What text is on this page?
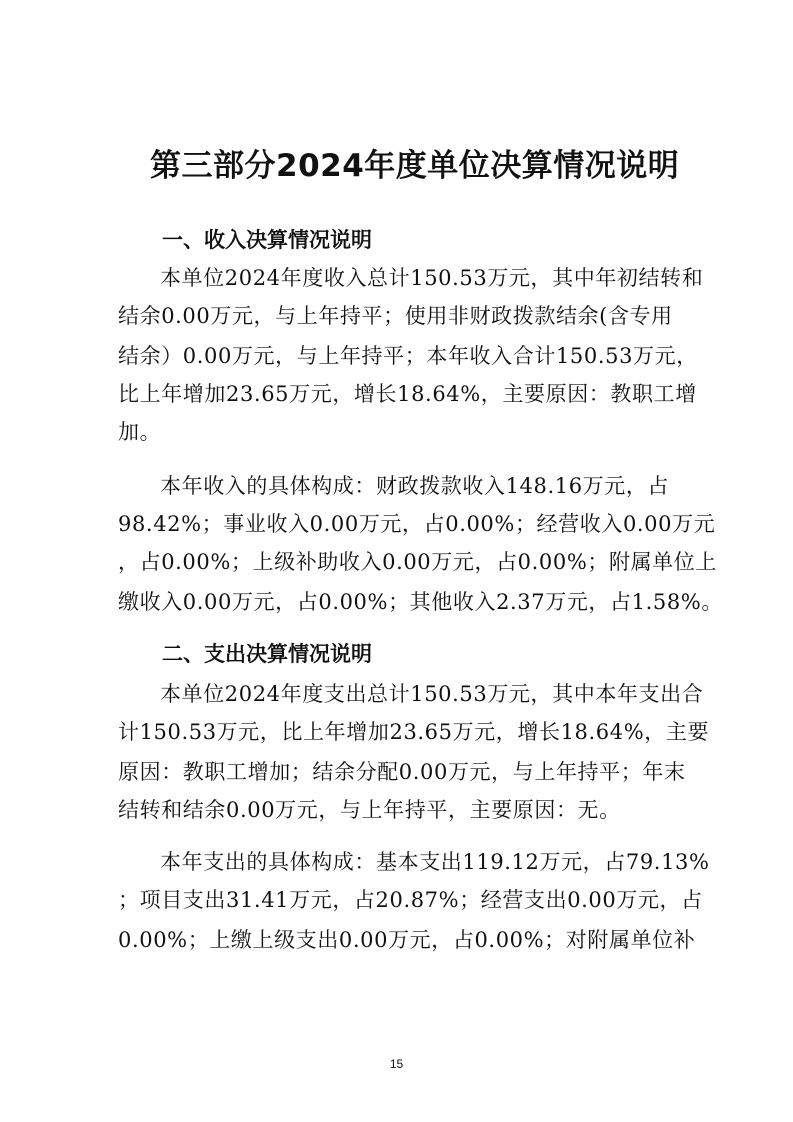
第三部分2024年度单位决算情况说明
一、收入决算情况说明
本单位2024年度收入总计150.53万元，其中年初结转和
结余0.00万元，与上年持平；使用非财政拨款结余(含专用
结余）0.00万元，与上年持平；本年收入合计150.53万元，
比上年增加23.65万元，增长18.64%，主要原因：教职工增
加。
本年收入的具体构成：财政拨款收入148.16万元，占
98.42%；事业收入0.00万元，占0.00%；经营收入0.00万元
，占0.00%；上级补助收入0.00万元，占0.00%；附属单位上
缴收入0.00万元，占0.00%；其他收入2.37万元，占1.58%。
二、支出决算情况说明
本单位2024年度支出总计150.53万元，其中本年支出合
计150.53万元，比上年增加23.65万元，增长18.64%，主要
原因：教职工增加；结余分配0.00万元，与上年持平；年末
结转和结余0.00万元，与上年持平，主要原因：无。
本年支出的具体构成：基本支出119.12万元，占79.13%
；项目支出31.41万元，占20.87%；经营支出0.00万元，占
0.00%；上缴上级支出0.00万元，占0.00%；对附属单位补
15
